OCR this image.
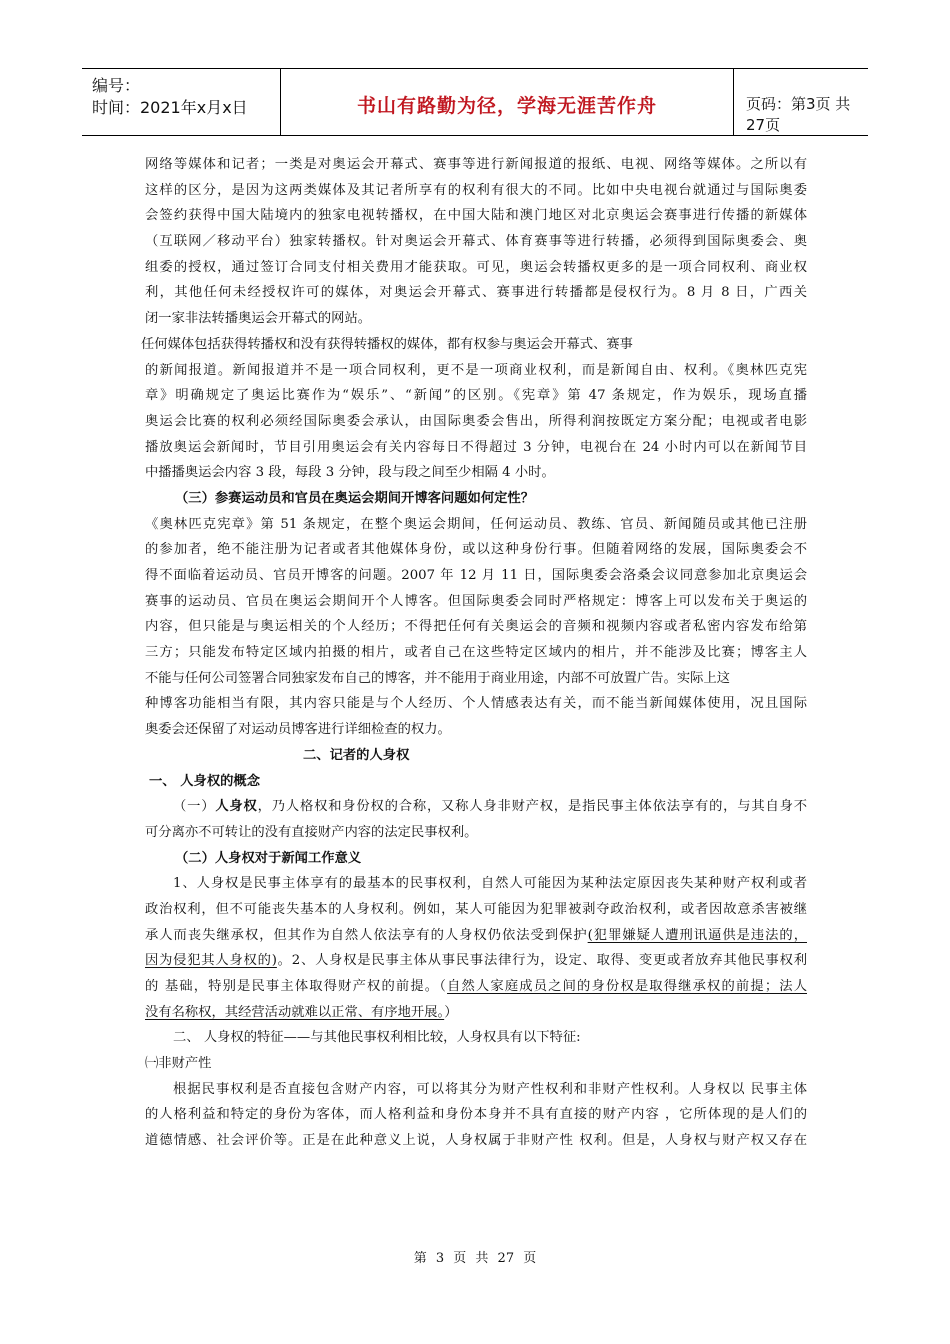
编号：
时间：2021年x月x日	书山有路勤为径，学海无涯苦作舟	页码：第3页 共27页
网络等媒体和记者；一类是对奥运会开幕式、赛事等进行新闻报道的报纸、电视、网络等媒体。之所以有
这样的区分，是因为这两类媒体及其记者所享有的权利有很大的不同。比如中央电视台就通过与国际奥委
会签约获得中国大陆境内的独家电视转播权，在中国大陆和澳门地区对北京奥运会赛事进行传播的新媒体
（互联网／移动平台）独家转播权。针对奥运会开幕式、体育赛事等进行转播，必须得到国际奥委会、奥
组委的授权，通过签订合同支付相关费用才能获取。可见，奥运会转播权更多的是一项合同权利、商业权
利，其他任何未经授权许可的媒体，对奥运会开幕式、赛事进行转播都是侵权行为。8 月 8 日，广西关
闭一家非法转播奥运会开幕式的网站。
任何媒体包括获得转播权和没有获得转播权的媒体，都有权参与奥运会开幕式、赛事
的新闻报道。新闻报道并不是一项合同权利，更不是一项商业权利，而是新闻自由、权利。《奥林匹克宪
章》明确规定了奥运比赛作为“娱乐”、“新闻”的区别。《宪章》第 47 条规定，作为娱乐，现场直播
奥运会比赛的权利必须经国际奥委会承认，由国际奥委会售出，所得利润按既定方案分配；电视或者电影
播放奥运会新闻时，节目引用奥运会有关内容每日不得超过 3 分钟，电视台在 24 小时内可以在新闻节目
中播播奥运会内容 3 段，每段 3 分钟，段与段之间至少相隔 4 小时。
（三）参赛运动员和官员在奥运会期间开博客问题如何定性？
《奥林匹克宪章》第 51 条规定，在整个奥运会期间，任何运动员、教练、官员、新闻随员或其他已注册
的参加者，绝不能注册为记者或者其他媒体身份，或以这种身份行事。但随着网络的发展，国际奥委会不
得不面临着运动员、官员开博客的问题。2007 年 12 月 11 日，国际奥委会洛桑会议同意参加北京奥运会
赛事的运动员、官员在奥运会期间开个人博客。但国际奥委会同时严格规定：博客上可以发布关于奥运的
内容，但只能是与奥运相关的个人经历；不得把任何有关奥运会的音频和视频内容或者私密内容发布给第
三方；只能发布特定区域内拍摄的相片，或者自己在这些特定区域内的相片，并不能涉及比赛；博客主人
不能与任何公司签署合同独家发布自己的博客，并不能用于商业用途，内部不可放置广告。实际上这
种博客功能相当有限，其内容只能是与个人经历、个人情感表达有关，而不能当新闻媒体使用，况且国际
奥委会还保留了对运动员博客进行详细检查的权力。
二、记者的人身权
一、 人身权的概念
（一）人身权，乃人格权和身份权的合称，又称人身非财产权，是指民事主体依法享有的，与其自身不
可分离亦不可转让的没有直接财产内容的法定民事权利。
（二）人身权对于新闻工作意义
1、人身权是民事主体享有的最基本的民事权利，自然人可能因为某种法定原因丧失某种财产权利或者
政治权利，但不可能丧失基本的人身权利。例如，某人可能因为犯罪被剥夺政治权利，或者因故意杀害被继
承人而丧失继承权，但其作为自然人依法享有的人身权仍依法受到保护(犯罪嫌疑人遭刑讯逼供是违法的，
因为侵犯其人身权的)。2、人身权是民事主体从事民事法律行为，设定、取得、变更或者放弃其他民事权利
的 基础，特别是民事主体取得财产权的前提。（自然人家庭成员之间的身份权是取得继承权的前提；法人
没有名称权，其经营活动就难以正常、有序地开展。）
二、 人身权的特征——与其他民事权利相比较，人身权具有以下特征:
㈠非财产性
根据民事权利是否直接包含财产内容，可以将其分为财产性权利和非财产性权利。人身权以 民事主体
的人格利益和特定的身份为客体，而人格利益和身份本身并不具有直接的财产内容 ，它所体现的是人们的
道德情感、社会评价等。正是在此种意义上说，人身权属于非财产性 权利。但是，人身权与财产权又存在
第 3 页 共 27 页
